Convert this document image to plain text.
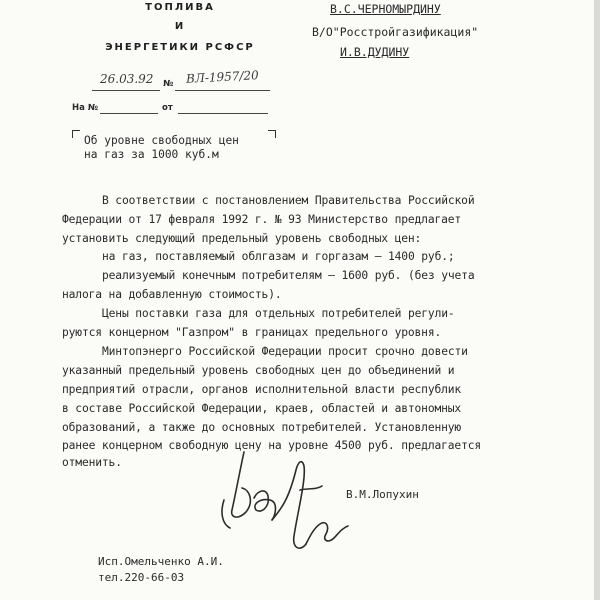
ТОПЛИВА
И
ЭНЕРГЕТИКИ РСФСР
В.С.ЧЕРНОМЫРДИНУ
В/О"Росстройгазификация"
И.В.ДУДИНУ
26.03.92 № ВЛ-1957/20
На №	от
Об уровне свободных цен
на газ за 1000 куб.м
В соответствии с постановлением Правительства Российской
Федерации от 17 февраля 1992 г. № 93 Министерство предлагает
установить следующий предельный уровень свободных цен:
на газ, поставляемый облгазам и горгазам – 1400 руб.;
реализуемый конечным потребителям – 1600 руб. (без учета
налога на добавленную стоимость).
Цены поставки газа для отдельных потребителей регули-
руются концерном "Газпром" в границах предельного уровня.
Минтопэнерго Российской Федерации просит срочно довести
указанный предельный уровень свободных цен до объединений и
предприятий отрасли, органов исполнительной власти республик
в составе Российской Федерации, краев, областей и автономных
образований, а также до основных потребителей. Установленную
ранее концерном свободную цену на уровне 4500 руб. предлагается
отменить.
В.М.Лопухин
Исп.Омельченко А.И.
тел.220-66-03
